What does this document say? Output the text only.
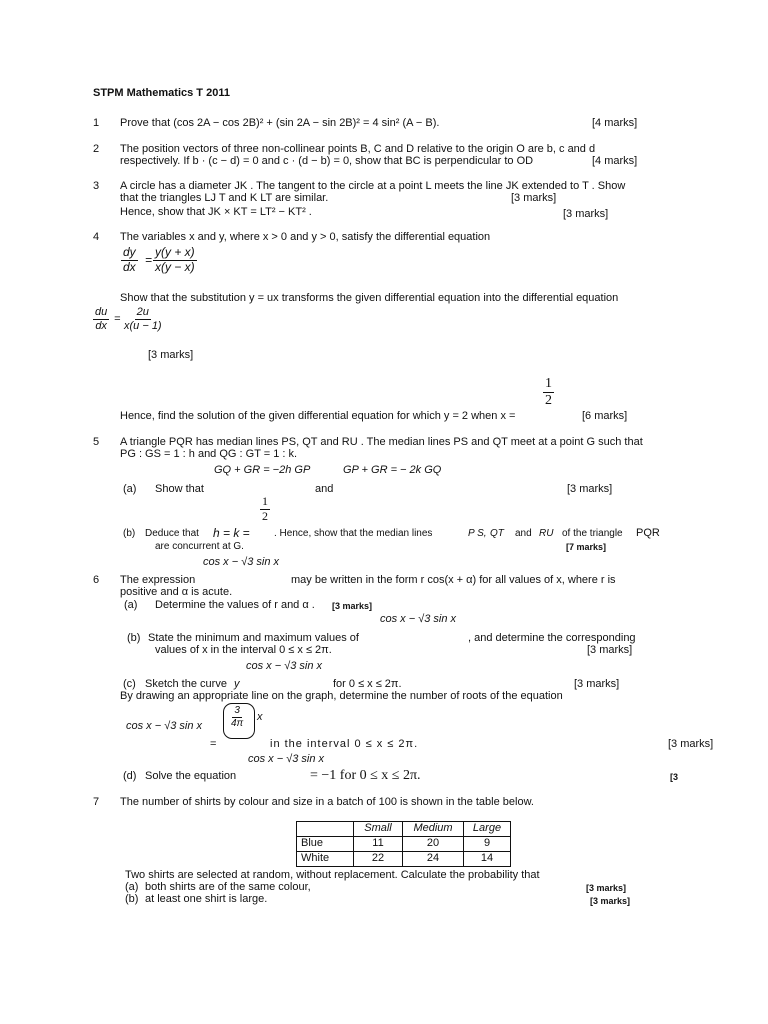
STPM Mathematics T 2011
1 Prove that (cos 2A − cos 2B)² + (sin 2A − sin 2B)² = 4 sin² (A − B).	[4 marks]
2 The position vectors of three non-collinear points B, C and D relative to the origin O are b, c and d
respectively. If b · (c − d) = 0 and c · (d − b) = 0, show that BC is perpendicular to OD	[4 marks]
3 A circle has a diameter JK . The tangent to the circle at a point L meets the line JK extended to T . Show
that the triangles LJ T and K LT are similar.	[3 marks]
Hence, show that JK × KT = LT² − KT² .	[3 marks]
4 The variables x and y, where x > 0 and y > 0, satisfy the differential equation
$\frac{dy}{dx} = \frac{y(y + x)}{x(y - x)}$
Show that the substitution y = ux transforms the given differential equation into the differential equation
$\frac{du}{dx} = \frac{2u}{x(u - 1)}$
[3 marks]
$\frac{1}{2}$
Hence, find the solution of the given differential equation for which y = 2 when x =	[6 marks]
5 A triangle PQR has median lines PS, QT and RU . The median lines PS and QT meet at a point G such that
PG : GS = 1 : h and QG : GT = 1 : k.
GQ + GR = −2h GP	GP + GR = − 2k GQ
(a) Show that	and	[3 marks]
$\frac{1}{2}$
(b) Deduce that h = k = . Hence, show that the median lines	P S, QT and RU of the triangle PQR
are concurrent at G.	[7 marks]
cos x − √3 sin x
6 The expression	may be written in the form r cos(x + α) for all values of x, where r is
positive and α is acute.
(a) Determine the values of r and α . [3 marks]
cos x − √3 sin x
(b) State the minimum and maximum values of	, and determine the corresponding
values of x in the interval 0 ≤ x ≤ 2π.	[3 marks]
cos x − √3 sin x
(c) Sketch the curve y	for 0 ≤ x ≤ 2π.	[3 marks]
By drawing an appropriate line on the graph, determine the number of roots of the equation
cos x − √3 sin x	$\frac{3}{4\pi}$ x
=	in the interval 0 ≤ x ≤ 2π.	[3 marks]
cos x − √3 sin x
(d) Solve the equation	= −1 for 0 ≤ x ≤ 2π.	[3
7 The number of shirts by colour and size in a batch of 100 is shown in the table below.
	Small	Medium	Large
Blue	11	20	9
White	22	24	14
Two shirts are selected at random, without replacement. Calculate the probability that
(a) both shirts are of the same colour,	[3 marks]
(b) at least one shirt is large.	[3 marks]
